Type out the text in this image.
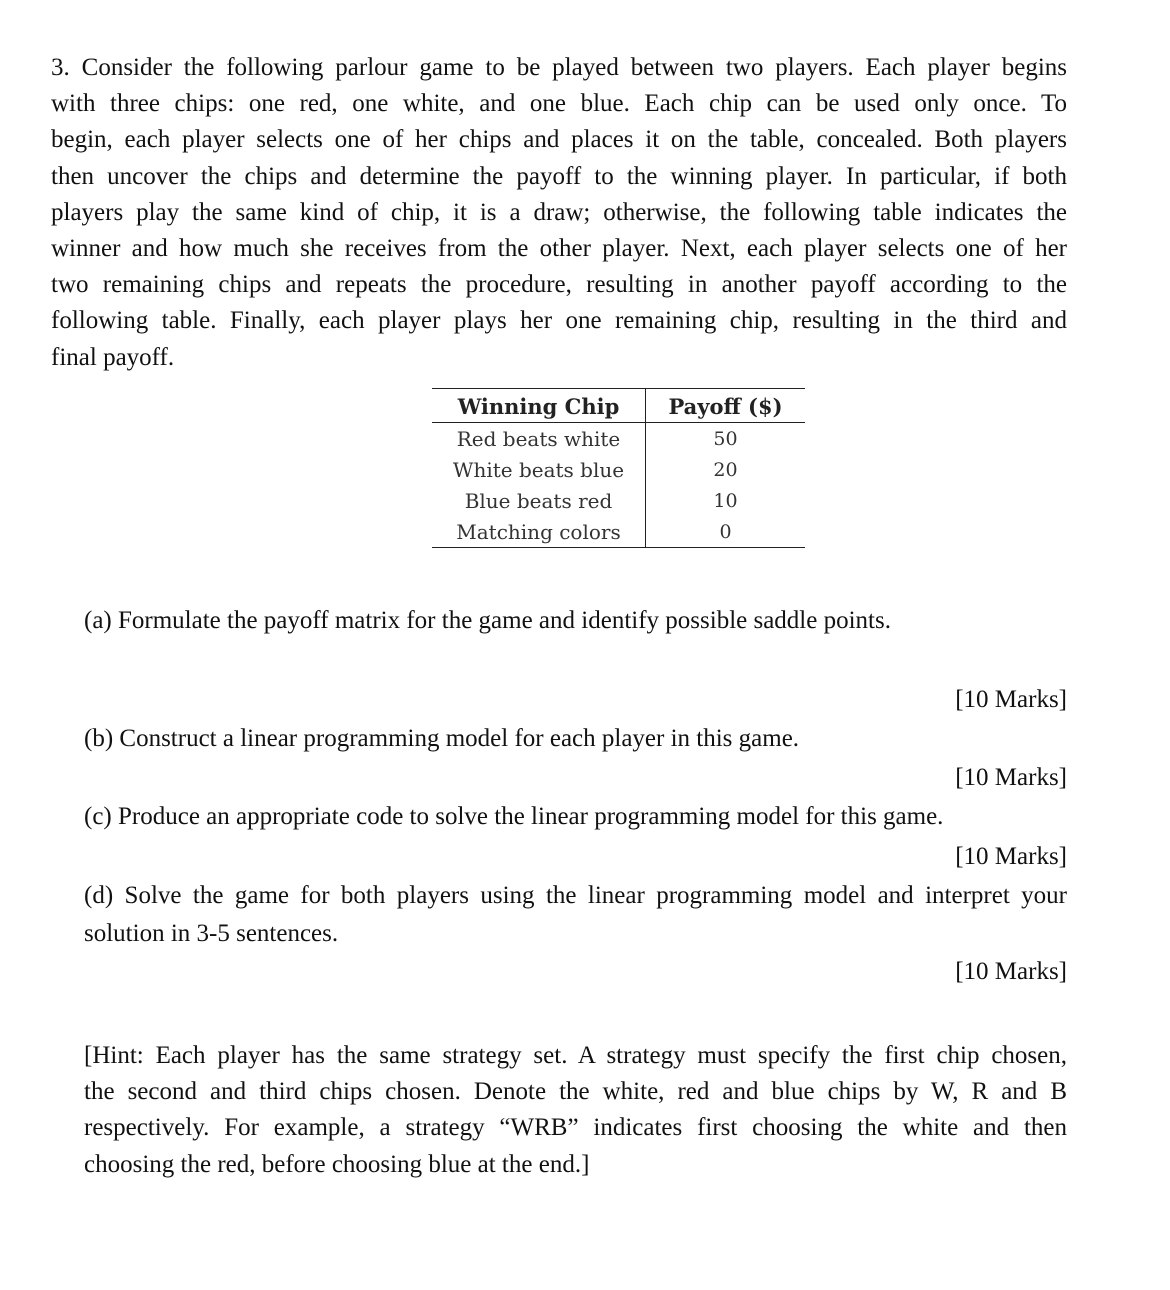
3. Consider the following parlour game to be played between two players. Each player begins
with three chips: one red, one white, and one blue. Each chip can be used only once. To
begin, each player selects one of her chips and places it on the table, concealed. Both players
then uncover the chips and determine the payoff to the winning player. In particular, if both
players play the same kind of chip, it is a draw; otherwise, the following table indicates the
winner and how much she receives from the other player. Next, each player selects one of her
two remaining chips and repeats the procedure, resulting in another payoff according to the
following table. Finally, each player plays her one remaining chip, resulting in the third and
final payoff.
Winning Chip	Payoff ($)
Red beats white	50
White beats blue	20
Blue beats red	10
Matching colors	0
(a) Formulate the payoff matrix for the game and identify possible saddle points.
[10 Marks]
(b) Construct a linear programming model for each player in this game.
[10 Marks]
(c) Produce an appropriate code to solve the linear programming model for this game.
[10 Marks]
(d) Solve the game for both players using the linear programming model and interpret your
solution in 3-5 sentences.
[10 Marks]
[Hint: Each player has the same strategy set. A strategy must specify the first chip chosen,
the second and third chips chosen. Denote the white, red and blue chips by W, R and B
respectively. For example, a strategy “WRB” indicates first choosing the white and then
choosing the red, before choosing blue at the end.]
